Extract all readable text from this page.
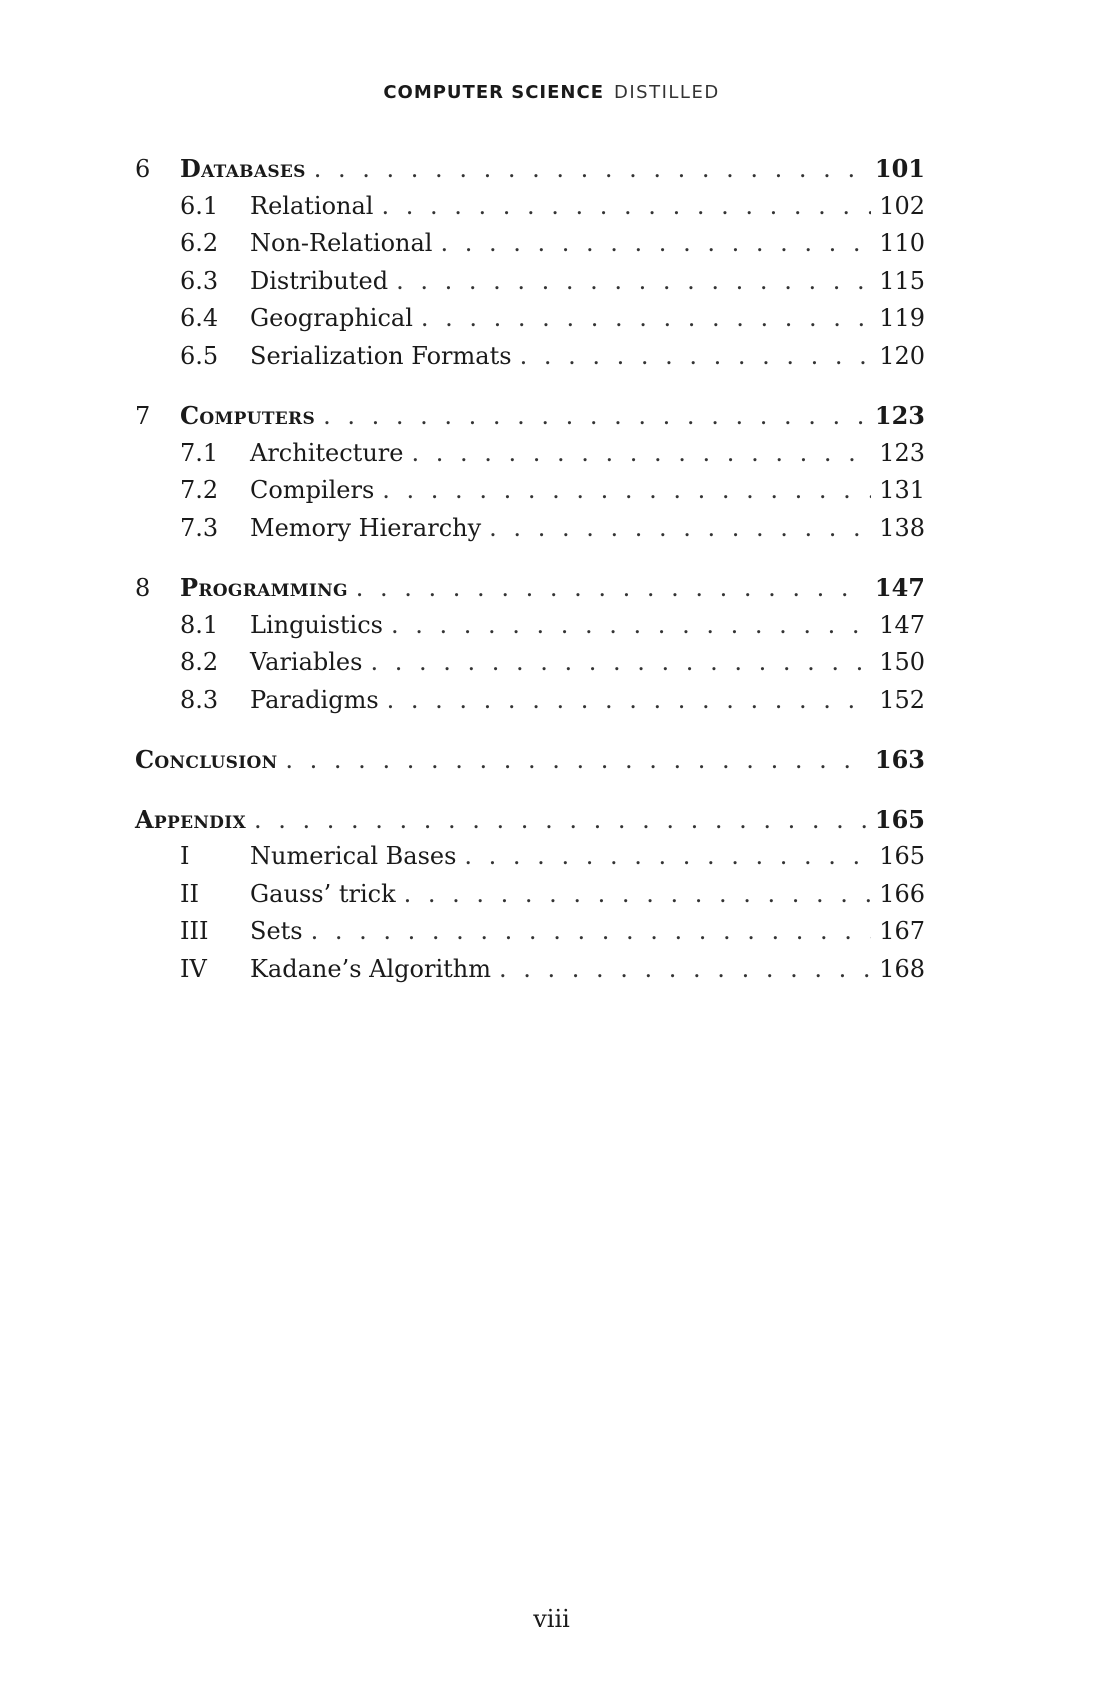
COMPUTER SCIENCE DISTILLED
6	Databases . . .	101
6.1	Relational . . .	102
6.2	Non-Relational . . .	110
6.3	Distributed . . .	115
6.4	Geographical . . .	119
6.5	Serialization Formats . . .	120
7	Computers . . .	123
7.1	Architecture . . .	123
7.2	Compilers . . .	131
7.3	Memory Hierarchy . . .	138
8	Programming . . .	147
8.1	Linguistics . . .	147
8.2	Variables . . .	150
8.3	Paradigms . . .	152
Conclusion . . .	163
Appendix . . .	165
I	Numerical Bases . . .	165
II	Gauss’ trick . . .	166
III	Sets . . .	167
IV	Kadane’s Algorithm . . .	168
viii
